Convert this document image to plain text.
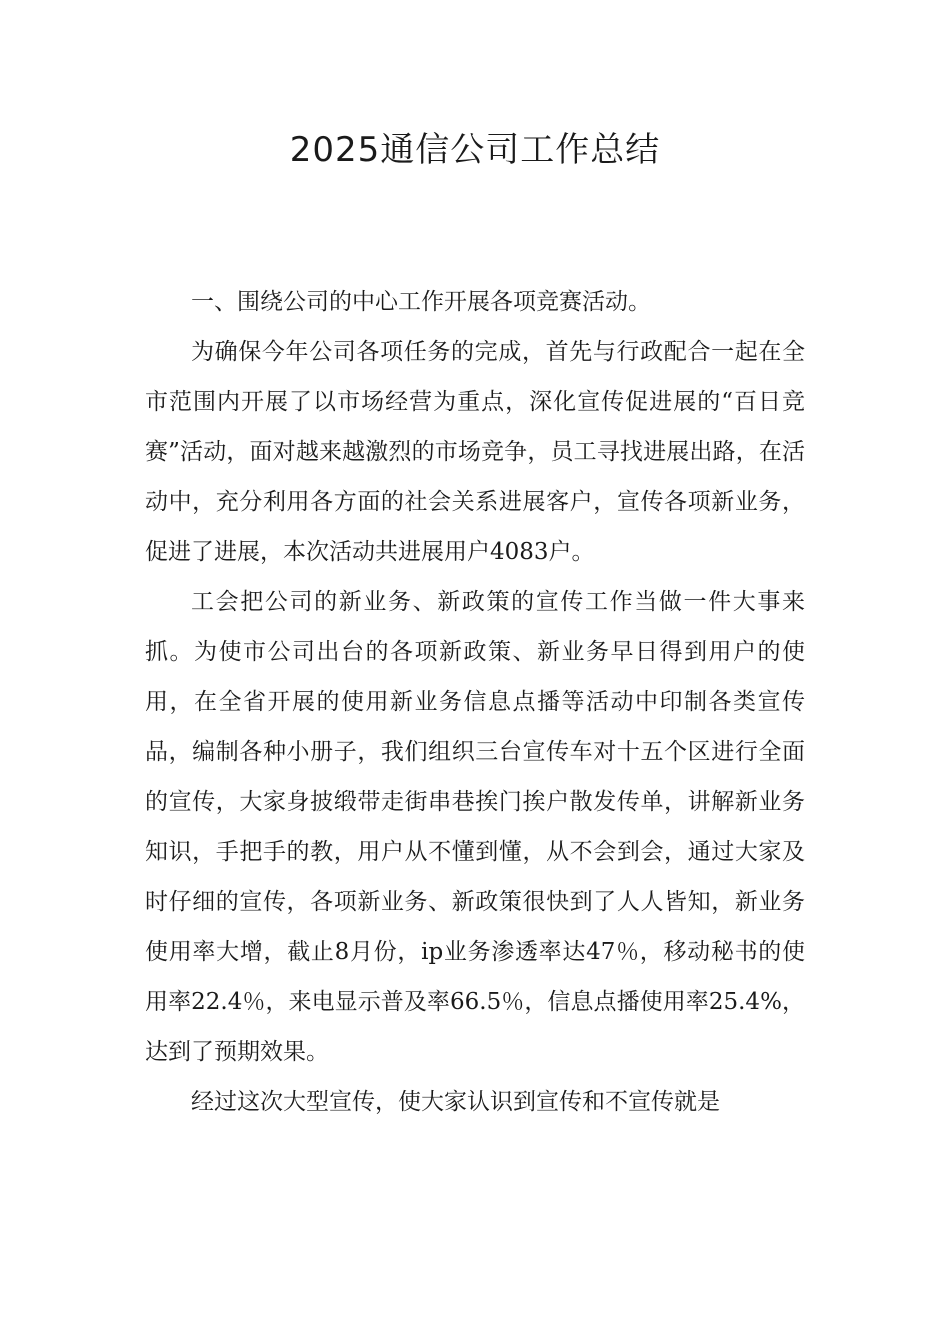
2025通信公司工作总结

一、围绕公司的中心工作开展各项竞赛活动。

为确保今年公司各项任务的完成，首先与行政配合一起在全市范围内开展了以市场经营为重点，深化宣传促进展的“百日竞赛”活动，面对越来越激烈的市场竞争，员工寻找进展出路，在活动中，充分利用各方面的社会关系进展客户，宣传各项新业务，促进了进展，本次活动共进展用户4083户。

工会把公司的新业务、新政策的宣传工作当做一件大事来抓。为使市公司出台的各项新政策、新业务早日得到用户的使用，在全省开展的使用新业务信息点播等活动中印制各类宣传品，编制各种小册子，我们组织三台宣传车对十五个区进行全面的宣传，大家身披缎带走街串巷挨门挨户散发传单，讲解新业务知识，手把手的教，用户从不懂到懂，从不会到会，通过大家及时仔细的宣传，各项新业务、新政策很快到了人人皆知，新业务使用率大增，截止8月份，ip业务渗透率达47％，移动秘书的使用率22.4％，来电显示普及率66.5％，信息点播使用率25.4%，达到了预期效果。

经过这次大型宣传，使大家认识到宣传和不宣传就是
